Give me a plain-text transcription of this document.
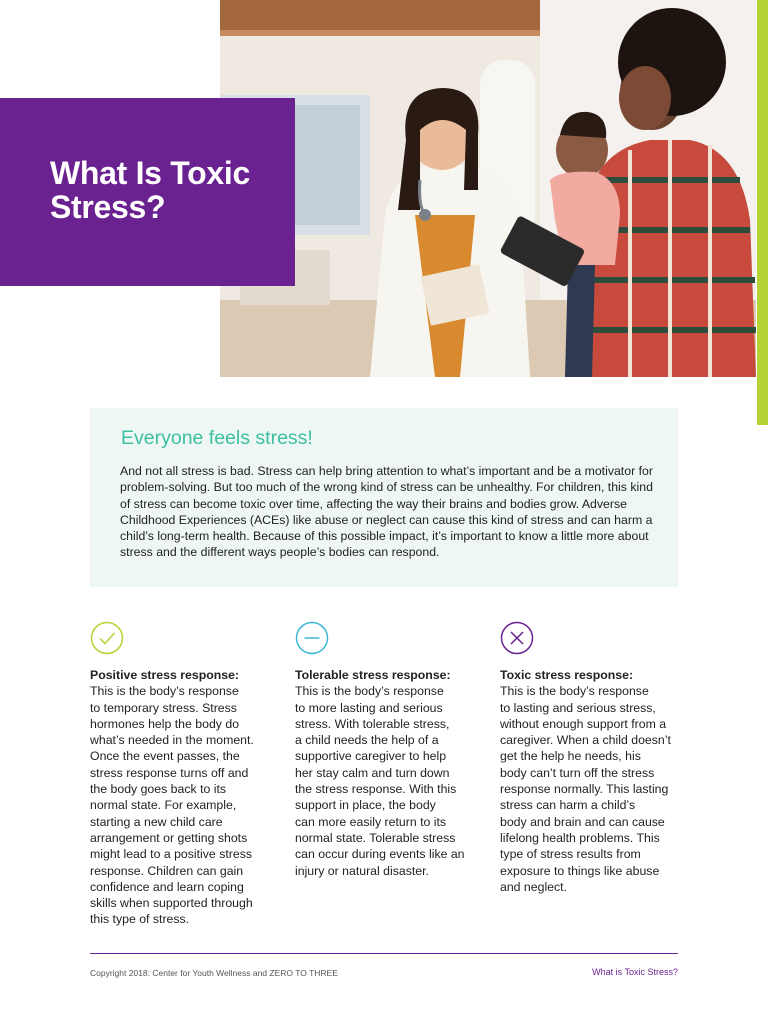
What Is Toxic Stress?
Everyone feels stress!

And not all stress is bad. Stress can help bring attention to what’s important and be a motivator for problem-solving. But too much of the wrong kind of stress can be unhealthy. For children, this kind of stress can become toxic over time, affecting the way their brains and bodies grow. Adverse Childhood Experiences (ACEs) like abuse or neglect can cause this kind of stress and can harm a child’s long-term health. Because of this possible impact, it’s important to know a little more about stress and the different ways people’s bodies can respond.

Positive stress response:
This is the body’s response
to temporary stress. Stress
hormones help the body do
what’s needed in the moment.
Once the event passes, the
stress response turns off and
the body goes back to its
normal state. For example,
starting a new child care
arrangement or getting shots
might lead to a positive stress
response. Children can gain
confidence and learn coping
skills when supported through
this type of stress.
Tolerable stress response:
This is the body’s response
to more lasting and serious
stress. With tolerable stress,
a child needs the help of a
supportive caregiver to help
her stay calm and turn down
the stress response. With this
support in place, the body
can more easily return to its
normal state. Tolerable stress
can occur during events like an
injury or natural disaster.
Toxic stress response:
This is the body’s response
to lasting and serious stress,
without enough support from a
caregiver. When a child doesn’t
get the help he needs, his
body can’t turn off the stress
response normally. This lasting
stress can harm a child’s
body and brain and can cause
lifelong health problems. This
type of stress results from
exposure to things like abuse
and neglect.
Copyright 2018: Center for Youth Wellness and ZERO TO THREE	What is Toxic Stress?
